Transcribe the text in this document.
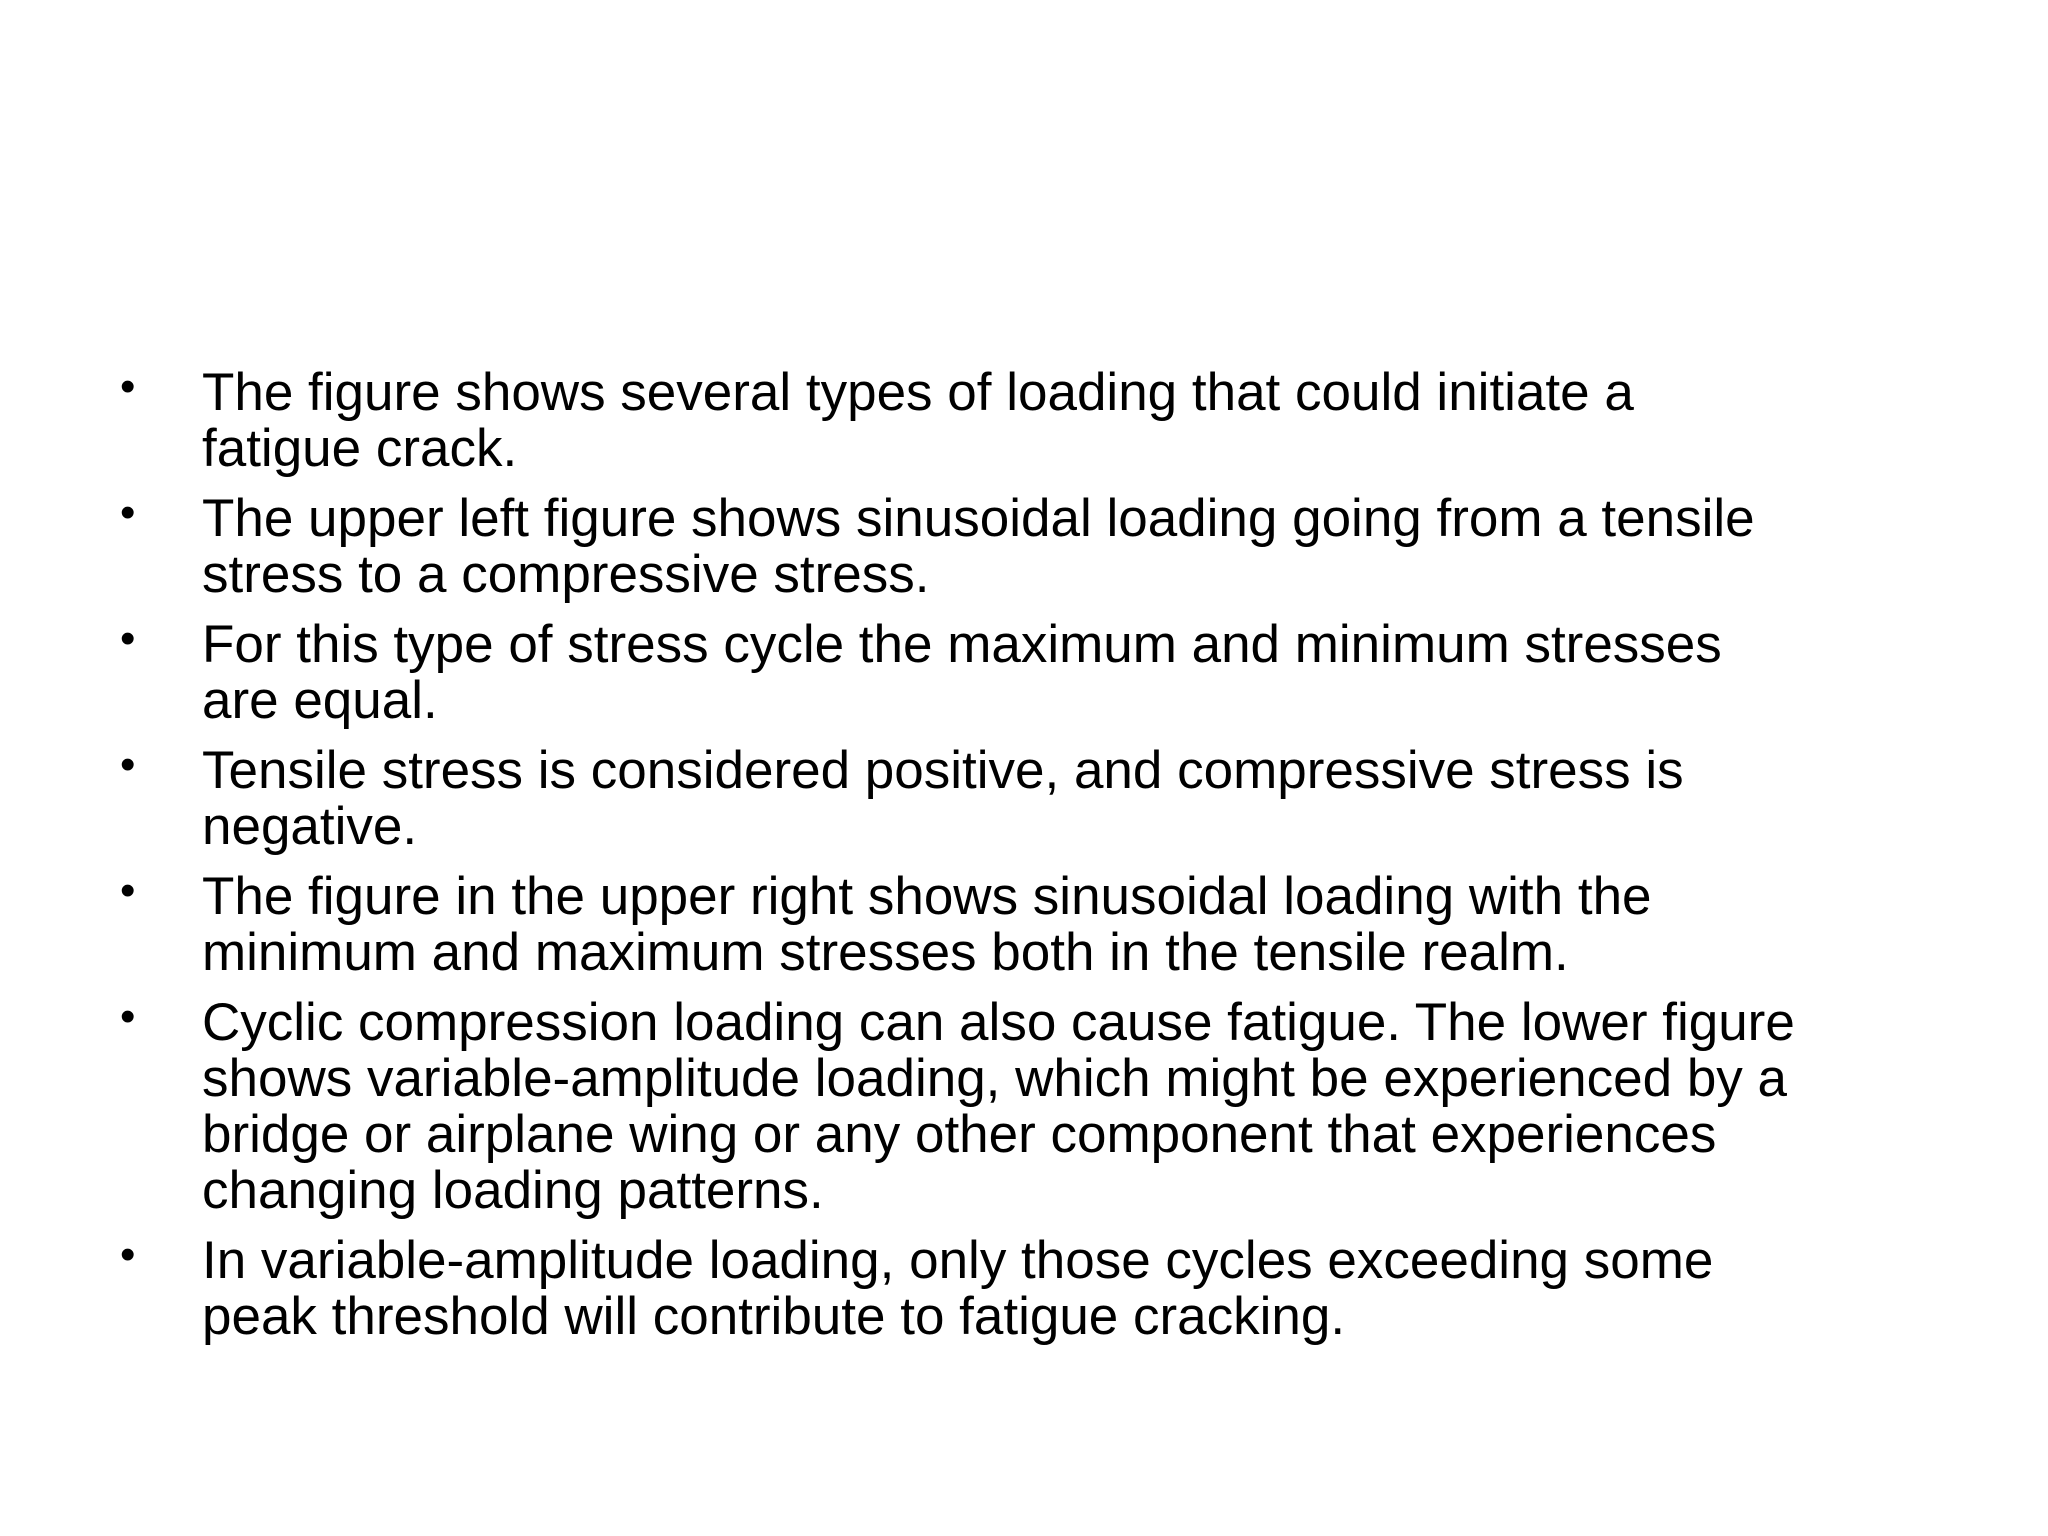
• The figure shows several types of loading that could initiate a
fatigue crack.
• The upper left figure shows sinusoidal loading going from a tensile
stress to a compressive stress.
• For this type of stress cycle the maximum and minimum stresses
are equal.
• Tensile stress is considered positive, and compressive stress is
negative.
• The figure in the upper right shows sinusoidal loading with the
minimum and maximum stresses both in the tensile realm.
• Cyclic compression loading can also cause fatigue. The lower figure
shows variable-amplitude loading, which might be experienced by a
bridge or airplane wing or any other component that experiences
changing loading patterns.
• In variable-amplitude loading, only those cycles exceeding some
peak threshold will contribute to fatigue cracking.
